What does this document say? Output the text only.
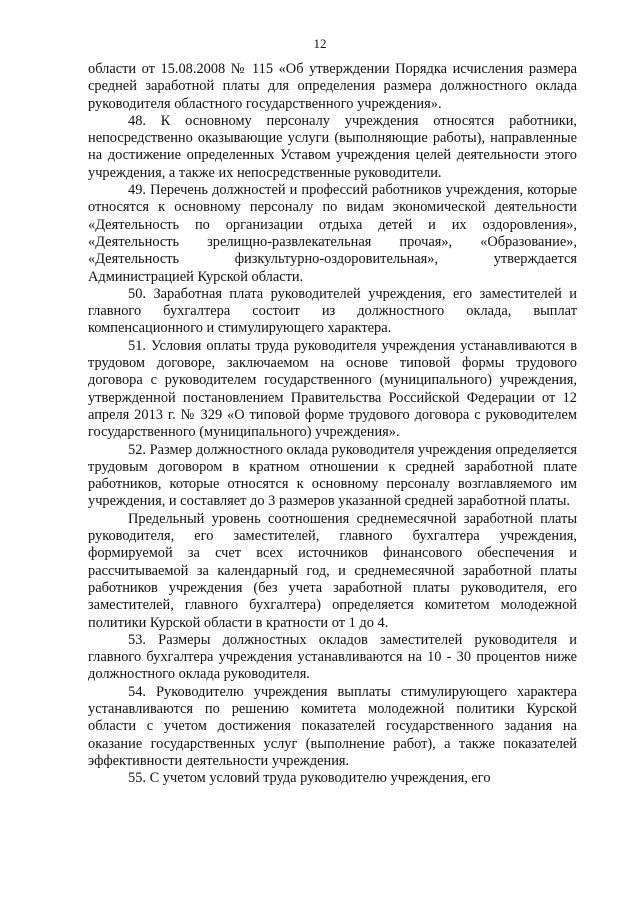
12

области от 15.08.2008 № 115 «Об утверждении Порядка исчисления размера средней заработной платы для определения размера должностного оклада руководителя областного государственного учреждения».

48. К основному персоналу учреждения относятся работники, непосредственно оказывающие услуги (выполняющие работы), направленные на достижение определенных Уставом учреждения целей деятельности этого учреждения, а также их непосредственные руководители.

49. Перечень должностей и профессий работников учреждения, которые относятся к основному персоналу по видам экономической деятельности «Деятельность по организации отдыха детей и их оздоровления», «Деятельность зрелищно-развлекательная прочая», «Образование», «Деятельность физкультурно-оздоровительная», утверждается Администрацией Курской области.

50. Заработная плата руководителей учреждения, его заместителей и главного бухгалтера состоит из должностного оклада, выплат компенсационного и стимулирующего характера.

51. Условия оплаты труда руководителя учреждения устанавливаются в трудовом договоре, заключаемом на основе типовой формы трудового договора с руководителем государственного (муниципального) учреждения, утвержденной постановлением Правительства Российской Федерации от 12 апреля 2013 г. № 329 «О типовой форме трудового договора с руководителем государственного (муниципального) учреждения».

52. Размер должностного оклада руководителя учреждения определяется трудовым договором в кратном отношении к средней заработной плате работников, которые относятся к основному персоналу возглавляемого им учреждения, и составляет до 3 размеров указанной средней заработной платы.

Предельный уровень соотношения среднемесячной заработной платы руководителя, его заместителей, главного бухгалтера учреждения, формируемой за счет всех источников финансового обеспечения и рассчитываемой за календарный год, и среднемесячной заработной платы работников учреждения (без учета заработной платы руководителя, его заместителей, главного бухгалтера) определяется комитетом молодежной политики Курской области в кратности от 1 до 4.

53. Размеры должностных окладов заместителей руководителя и главного бухгалтера учреждения устанавливаются на 10 - 30 процентов ниже должностного оклада руководителя.

54. Руководителю учреждения выплаты стимулирующего характера устанавливаются по решению комитета молодежной политики Курской области с учетом достижения показателей государственного задания на оказание государственных услуг (выполнение работ), а также показателей эффективности деятельности учреждения.

55. С учетом условий труда руководителю учреждения, его
